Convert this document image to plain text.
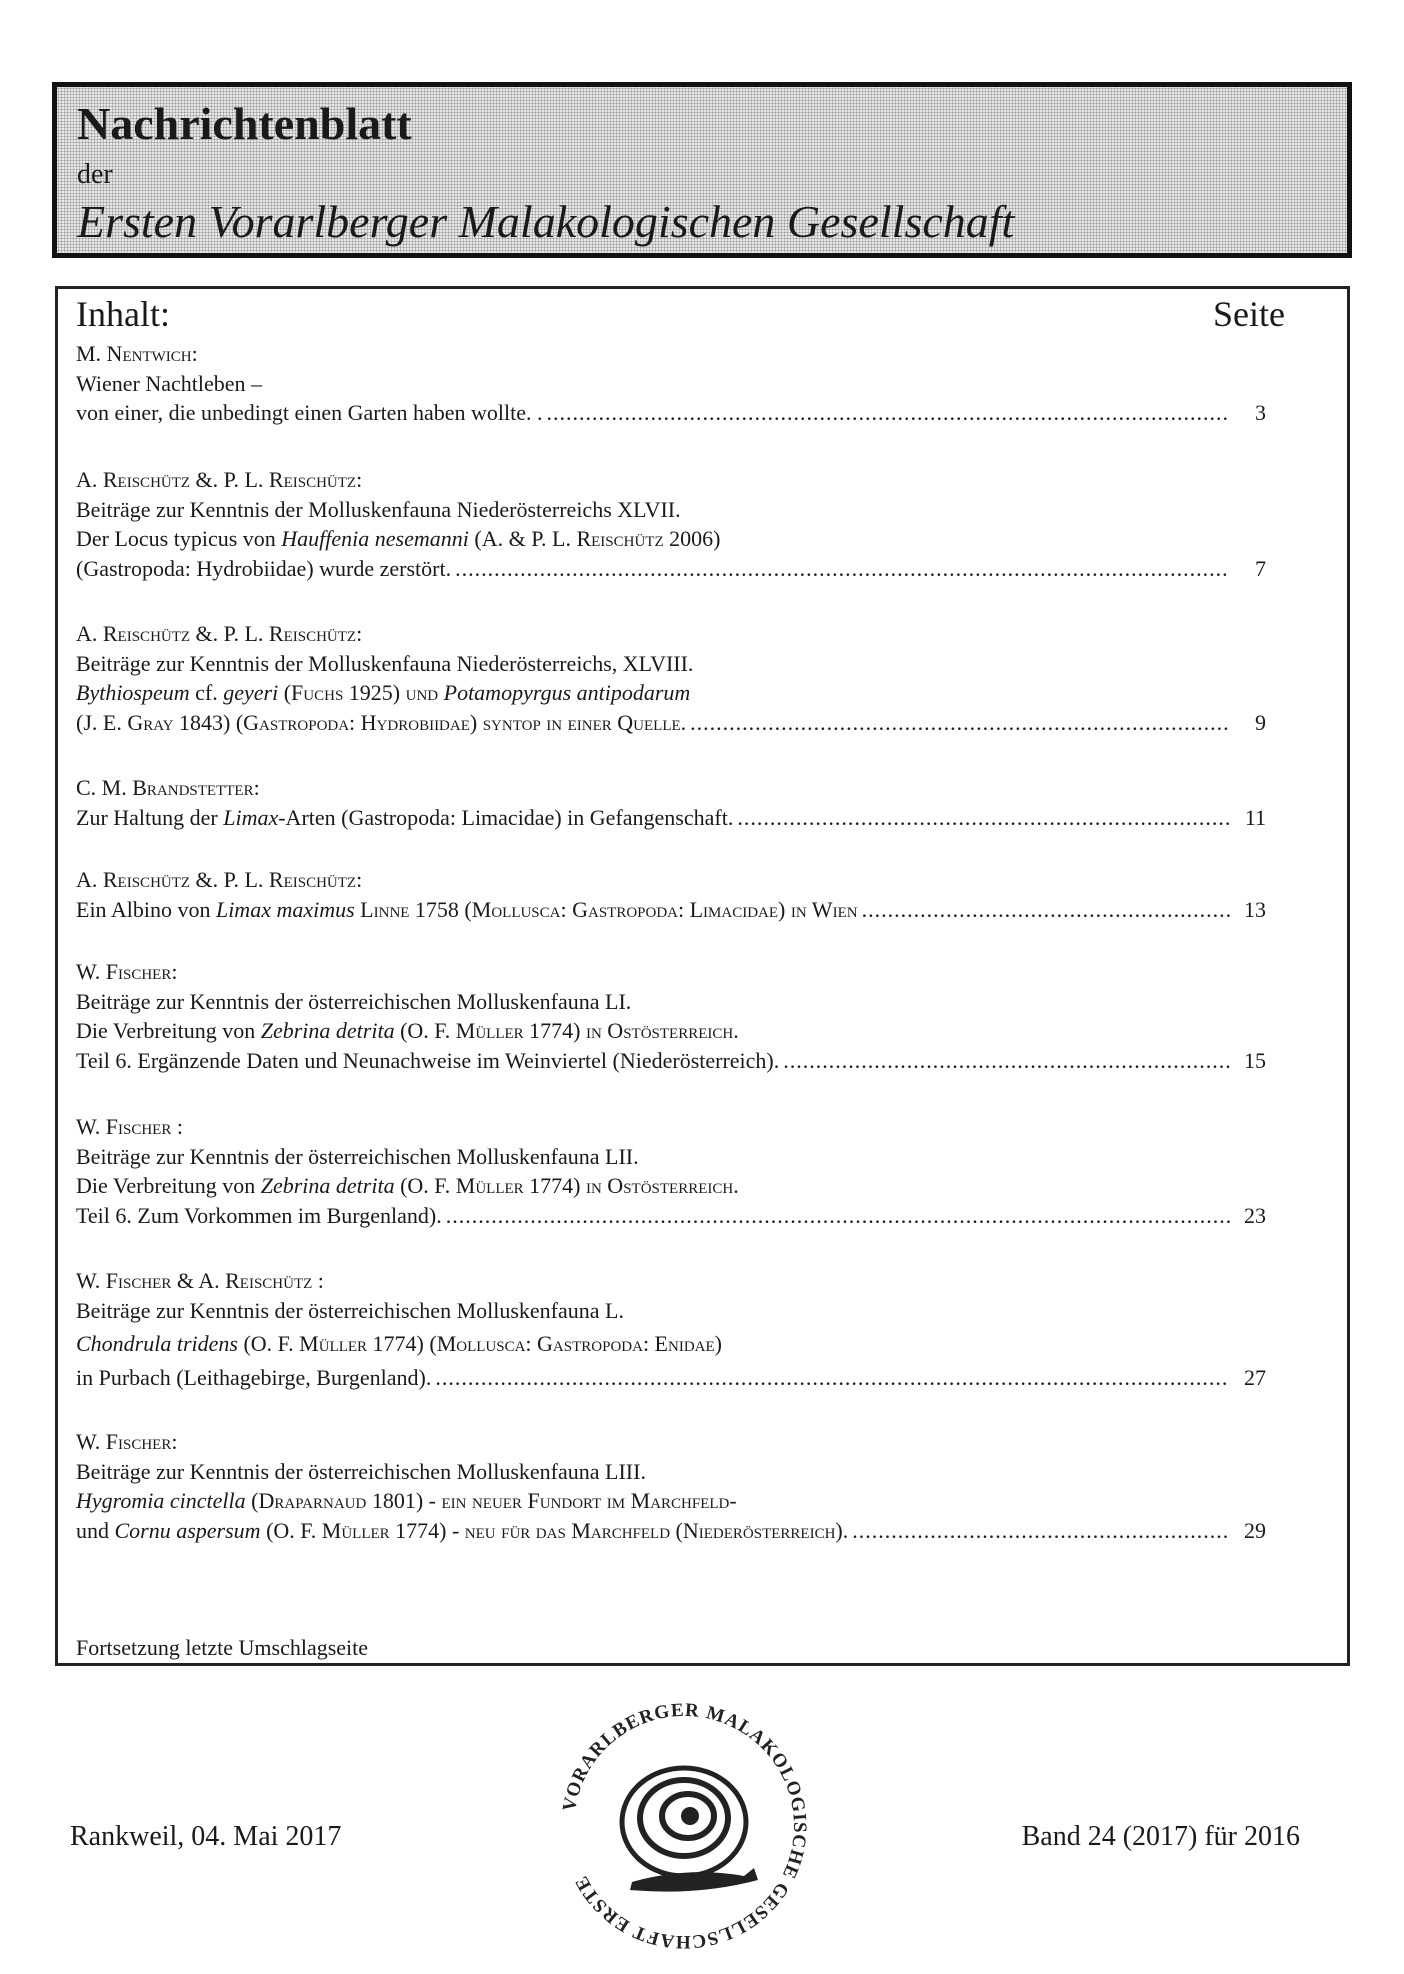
Nachrichtenblatt
der
Ersten Vorarlberger Malakologischen Gesellschaft
Inhalt:	Seite
M. Nentwich:
Wiener Nachtleben –
von einer, die unbedingt einen Garten haben wollte. . .....	3
A. Reischütz &. P. L. Reischütz:
Beiträge zur Kenntnis der Molluskenfauna Niederösterreichs XLVII.
Der Locus typicus von Hauffenia nesemanni (A. & P. L. Reischütz 2006)
(Gastropoda: Hydrobiidae) wurde zerstört. .....	7
A. Reischütz &. P. L. Reischütz:
Beiträge zur Kenntnis der Molluskenfauna Niederösterreichs, XLVIII.
Bythiospeum cf. geyeri (Fuchs 1925) und Potamopyrgus antipodarum
(J. E. Gray 1843) (Gastropoda: Hydrobiidae) syntop in einer Quelle. .....	9
C. M. Brandstetter:
Zur Haltung der Limax-Arten (Gastropoda: Limacidae) in Gefangenschaft. .....	11
A. Reischütz &. P. L. Reischütz:
Ein Albino von Limax maximus Linne 1758 (Mollusca: Gastropoda: Limacidae) in Wien .....	13
W. Fischer:
Beiträge zur Kenntnis der österreichischen Molluskenfauna LI.
Die Verbreitung von Zebrina detrita (O. F. Müller 1774) in Ostösterreich.
Teil 6. Ergänzende Daten und Neunachweise im Weinviertel (Niederösterreich). .....	15
W. Fischer :
Beiträge zur Kenntnis der österreichischen Molluskenfauna LII.
Die Verbreitung von Zebrina detrita (O. F. Müller 1774) in Ostösterreich.
Teil 6. Zum Vorkommen im Burgenland). .....	23
W. Fischer & A. Reischütz :
Beiträge zur Kenntnis der österreichischen Molluskenfauna L.
Chondrula tridens (O. F. Müller 1774) (Mollusca: Gastropoda: Enidae)
in Purbach (Leithagebirge, Burgenland). .....	27
W. Fischer:
Beiträge zur Kenntnis der österreichischen Molluskenfauna LIII.
Hygromia cinctella (Draparnaud 1801) - ein neuer Fundort im Marchfeld-
und Cornu aspersum (O. F. Müller 1774) - neu für das Marchfeld (Niederösterreich). .....	29
Fortsetzung letzte Umschlagseite
Rankweil, 04. Mai 2017
VORARLBERGER MALAKOLOGISCHE GESELLSCHAFT ERSTE
Band 24 (2017) für 2016
